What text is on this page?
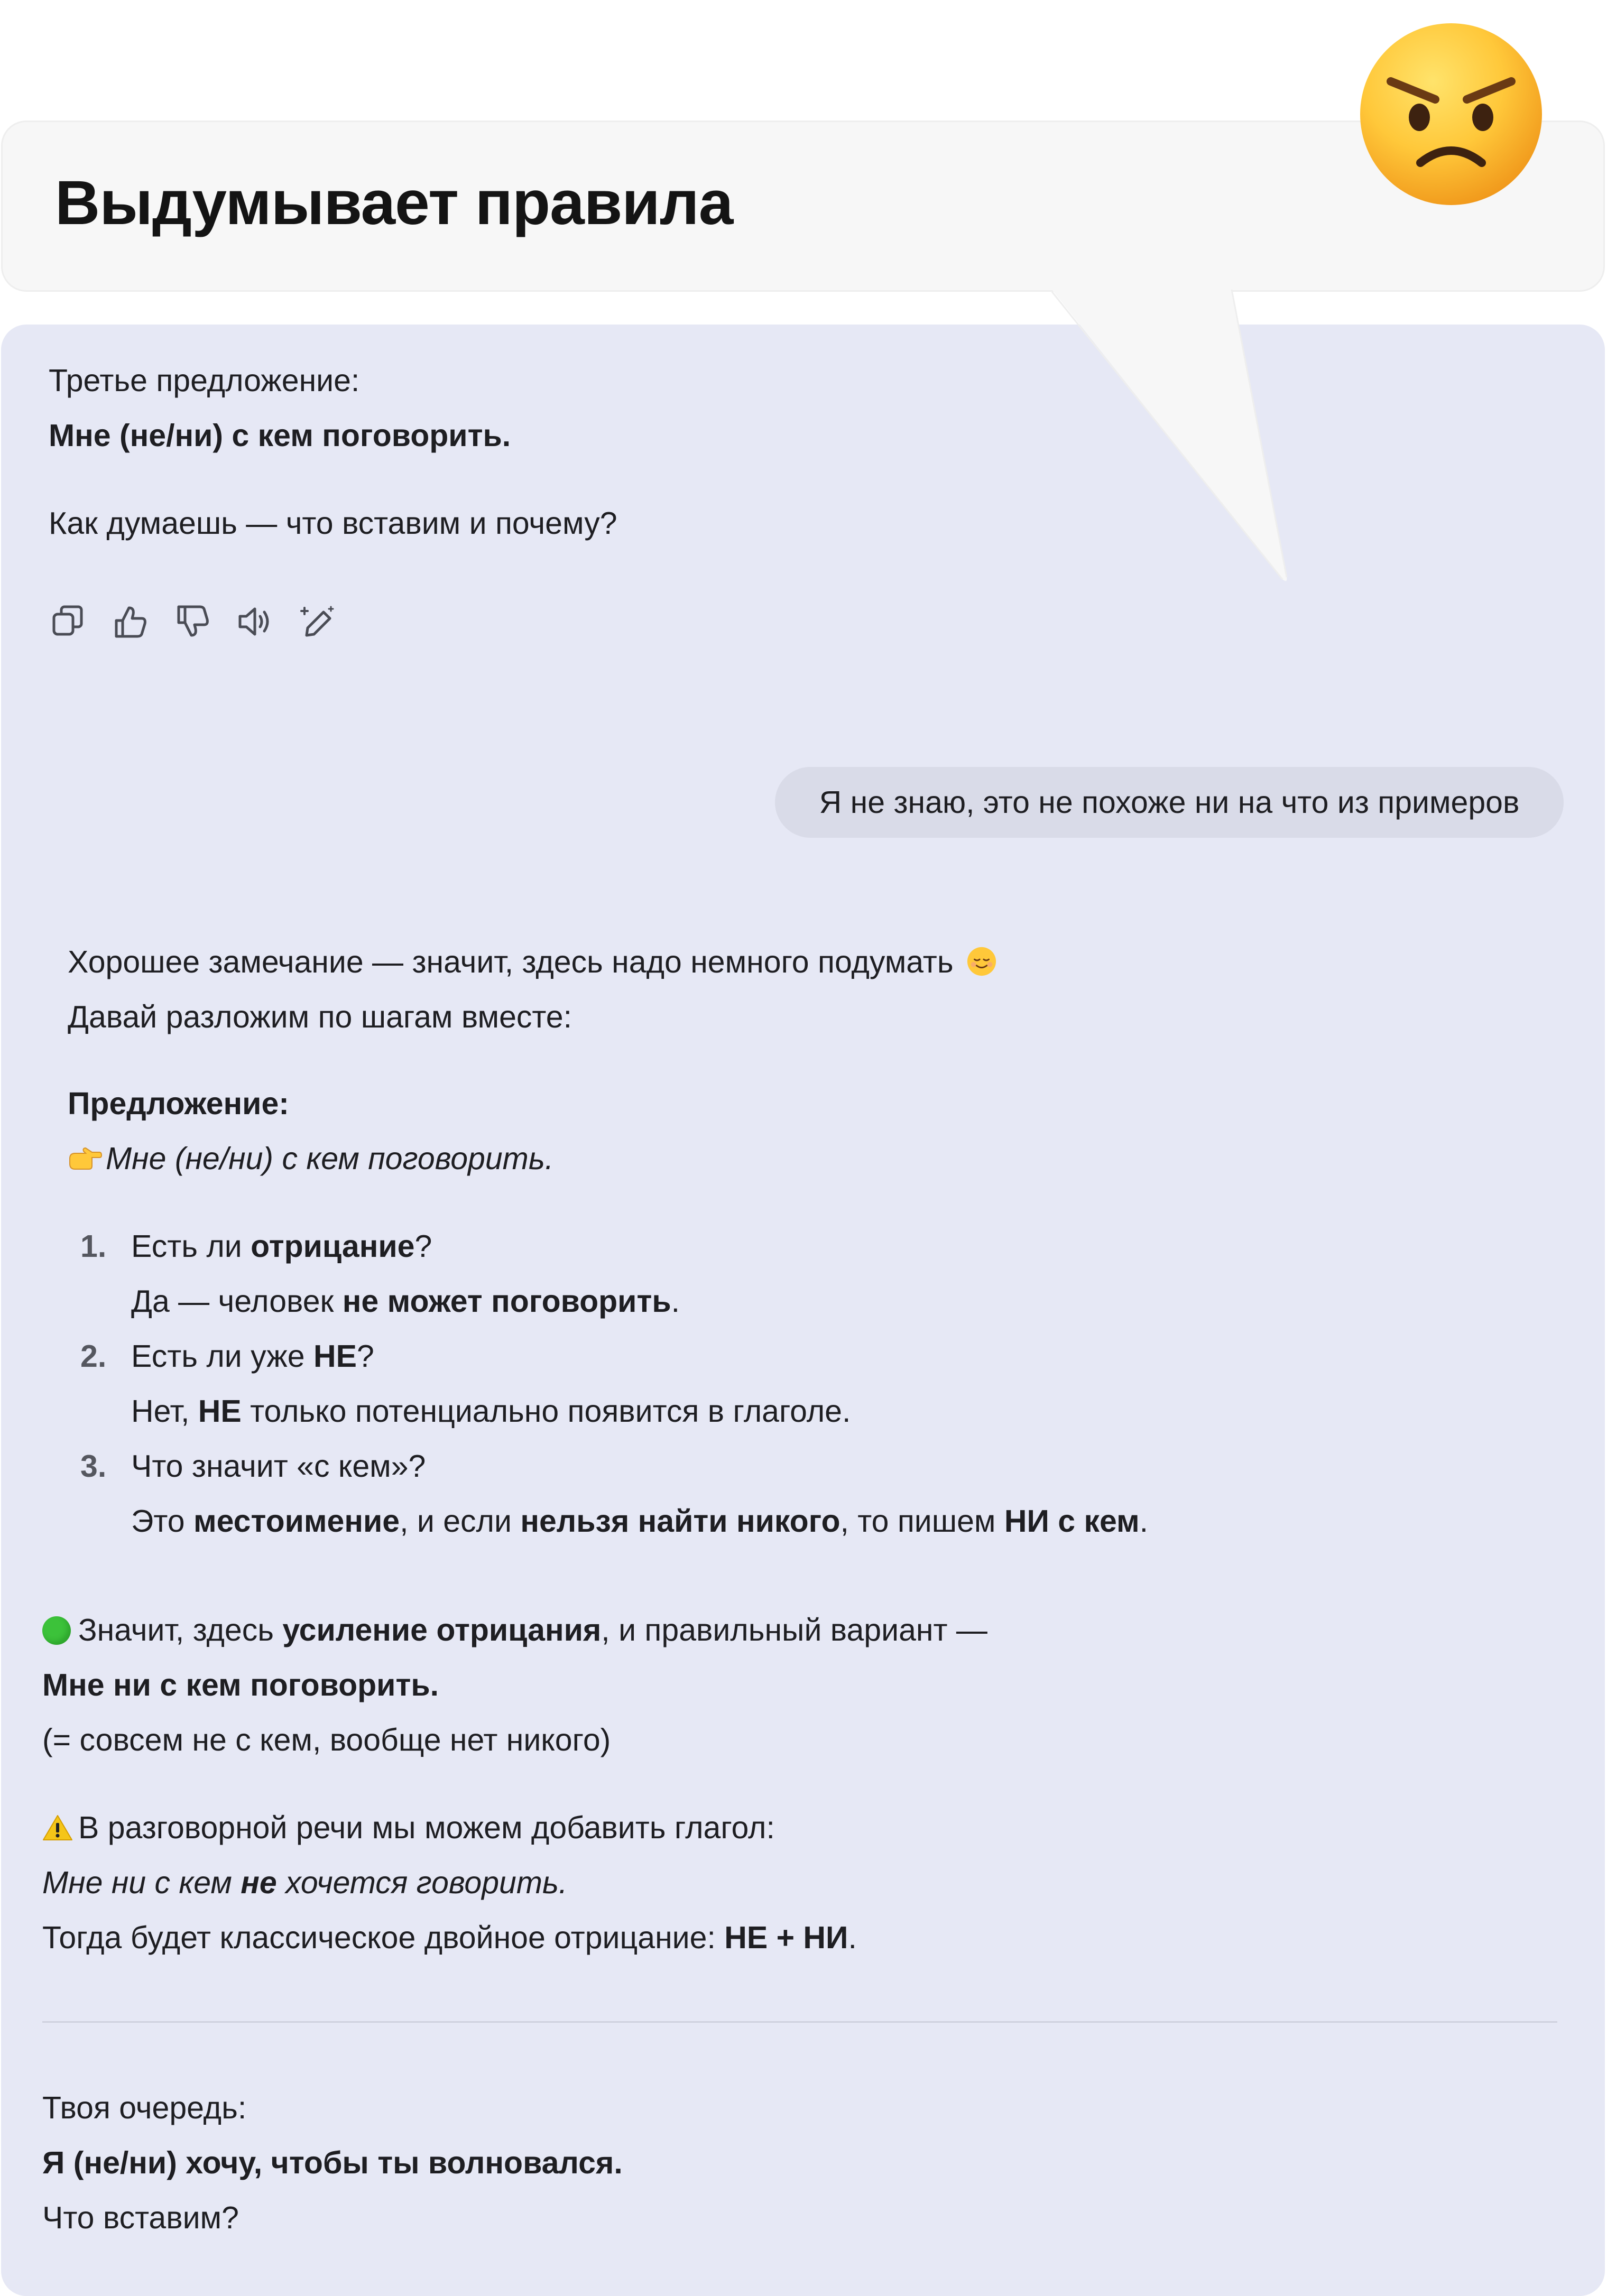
Выдумывает правила
Третье предложение:
Мне (не/ни) с кем поговорить.
Как думаешь — что вставим и почему?
Я не знаю, это не похоже ни на что из примеров
Хорошее замечание — значит, здесь надо немного подумать
Давай разложим по шагам вместе:
Предложение:
Мне (не/ни) с кем поговорить.
1. Есть ли отрицание?
Да — человек не может поговорить.
2. Есть ли уже НЕ?
Нет, НЕ только потенциально появится в глаголе.
3. Что значит «с кем»?
Это местоимение, и если нельзя найти никого, то пишем НИ с кем.
Значит, здесь усиление отрицания, и правильный вариант —
Мне ни с кем поговорить.
(= совсем не с кем, вообще нет никого)
В разговорной речи мы можем добавить глагол:
Мне ни с кем не хочется говорить.
Тогда будет классическое двойное отрицание: НЕ + НИ.
Твоя очередь:
Я (не/ни) хочу, чтобы ты волновался.
Что вставим?
